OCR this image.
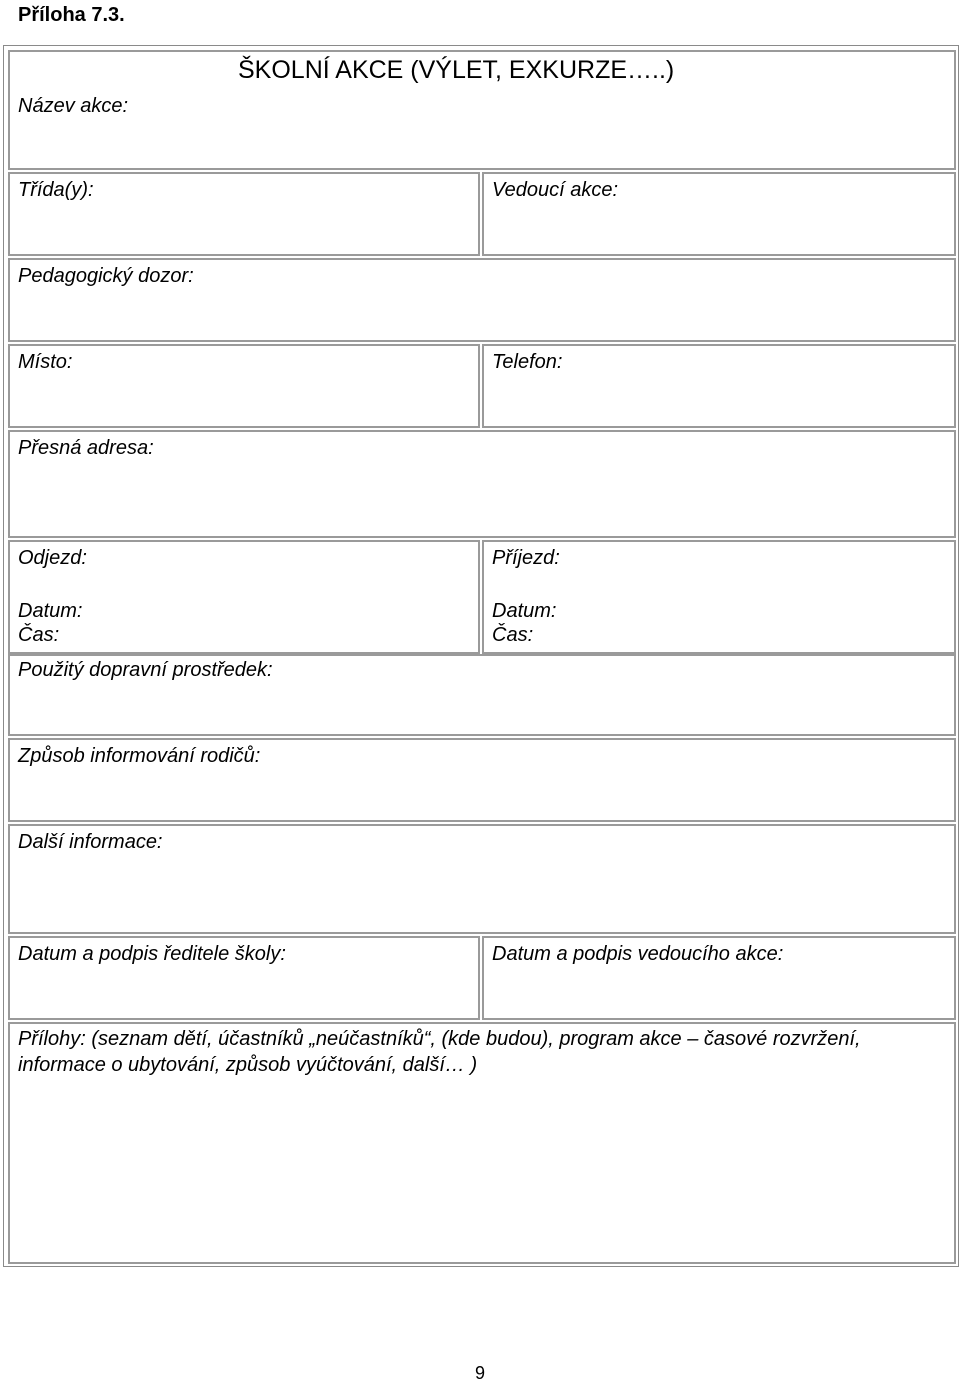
Příloha 7.3.
ŠKOLNÍ AKCE (VÝLET, EXKURZE…..)
Název akce:
Třída(y):	Vedoucí akce:
Pedagogický dozor:
Místo:	Telefon:
Přesná adresa:
Odjezd:
Datum:
Čas:
Příjezd:
Datum:
Čas:
Použitý dopravní prostředek:
Způsob informování rodičů:
Další informace:
Datum a podpis ředitele školy:	Datum a podpis vedoucího akce:
Přílohy: (seznam dětí, účastníků „neúčastníků“, (kde budou), program akce – časové rozvržení, informace o ubytování, způsob vyúčtování, další… )
9
